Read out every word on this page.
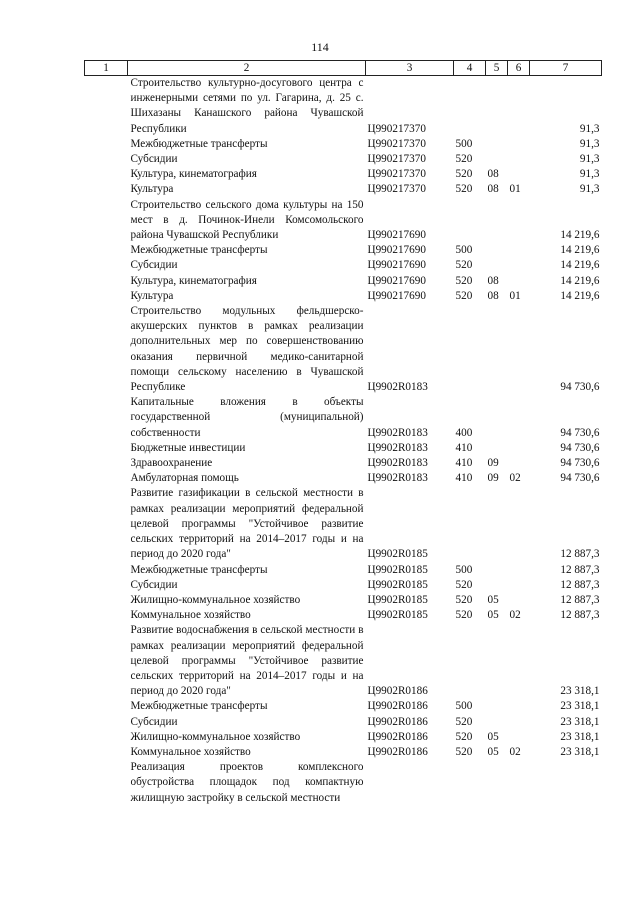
114
1	2	3	4	5	6	7
	Строительство культурно-досугового центра с инженерными сетями по ул. Гагарина, д. 25 с. Шихазаны Канашского района Чувашской Республики	Ц990217370				91,3
	Межбюджетные трансферты	Ц990217370	500			91,3
	Субсидии	Ц990217370	520			91,3
	Культура, кинематография	Ц990217370	520	08		91,3
	Культура	Ц990217370	520	08	01	91,3
	Строительство сельского дома культуры на 150 мест в д. Починок-Инели Комсомольского района Чувашской Республики	Ц990217690				14 219,6
	Межбюджетные трансферты	Ц990217690	500			14 219,6
	Субсидии	Ц990217690	520			14 219,6
	Культура, кинематография	Ц990217690	520	08		14 219,6
	Культура	Ц990217690	520	08	01	14 219,6
	Строительство модульных фельдшерско-акушерских пунктов в рамках реализации дополнительных мер по совершенствованию оказания первичной медико-санитарной помощи сельскому населению в Чувашской Республике	Ц9902R0183				94 730,6
	Капитальные вложения в объекты государственной (муниципальной) собственности	Ц9902R0183	400			94 730,6
	Бюджетные инвестиции	Ц9902R0183	410			94 730,6
	Здравоохранение	Ц9902R0183	410	09		94 730,6
	Амбулаторная помощь	Ц9902R0183	410	09	02	94 730,6
	Развитие газификации в сельской местности в рамках реализации мероприятий федеральной целевой программы "Устойчивое развитие сельских территорий на 2014–2017 годы и на период до 2020 года"	Ц9902R0185				12 887,3
	Межбюджетные трансферты	Ц9902R0185	500			12 887,3
	Субсидии	Ц9902R0185	520			12 887,3
	Жилищно-коммунальное хозяйство	Ц9902R0185	520	05		12 887,3
	Коммунальное хозяйство	Ц9902R0185	520	05	02	12 887,3
	Развитие водоснабжения в сельской местности в рамках реализации мероприятий федеральной целевой программы "Устойчивое развитие сельских территорий на 2014–2017 годы и на период до 2020 года"	Ц9902R0186				23 318,1
	Межбюджетные трансферты	Ц9902R0186	500			23 318,1
	Субсидии	Ц9902R0186	520			23 318,1
	Жилищно-коммунальное хозяйство	Ц9902R0186	520	05		23 318,1
	Коммунальное хозяйство	Ц9902R0186	520	05	02	23 318,1
	Реализация проектов комплексного обустройства площадок под компактную жилищную застройку в сельской местности					
